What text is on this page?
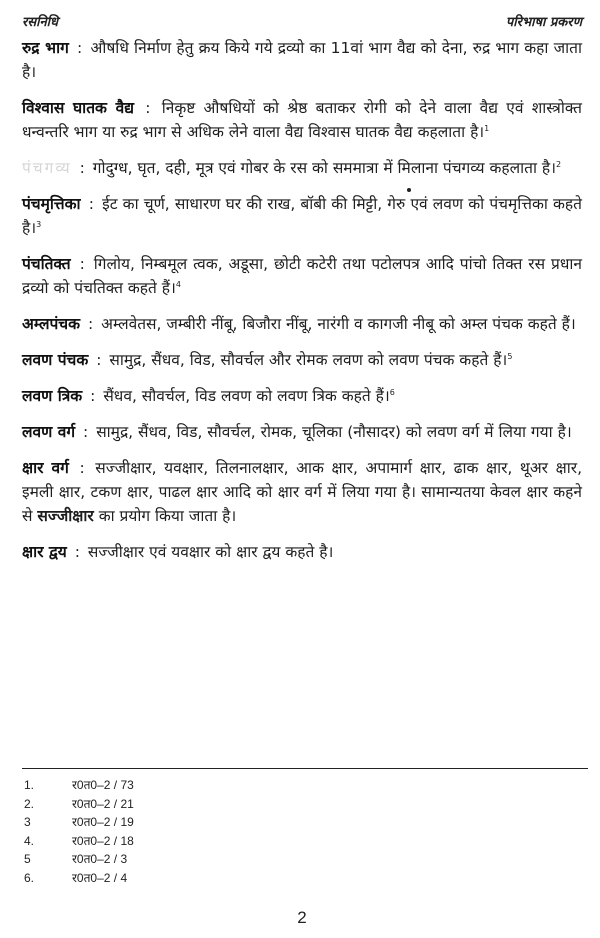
रसनिधि	परिभाषा प्रकरण

रुद्र भाग : औषधि निर्माण हेतु क्रय किये गये द्रव्यो का 11वां भाग वैद्य को देना, रुद्र भाग कहा जाता है।

विश्वास घातक वैद्य : निकृष्ट औषधियों को श्रेष्ठ बताकर रोगी को देने वाला वैद्य एवं शास्त्रोक्त धन्वन्तरि भाग या रुद्र भाग से अधिक लेने वाला वैद्य विश्वास घातक वैद्य कहलाता है।$^1$

पंचगव्य : गोदुग्ध, घृत, दही, मूत्र एवं गोबर के रस को सममात्रा में मिलाना पंचगव्य कहलाता है।$^2$

पंचमृत्तिका : ईट का चूर्ण, साधारण घर की राख, बॉबी की मिट्टी, गेरु एवं लवण को पंचमृत्तिका कहते है।$^3$

पंचतिक्त : गिलोय, निम्बमूल त्वक, अडूसा, छोटी कटेरी तथा पटोलपत्र आदि पांचो तिक्त रस प्रधान द्रव्यो को पंचतिक्त कहते हैं।$^4$

अम्लपंचक : अम्लवेतस, जम्बीरी नींबू, बिजौरा नींबू, नारंगी व कागजी नीबू को अम्ल पंचक कहते हैं।

लवण पंचक : सामुद्र, सैंधव, विड, सौवर्चल और रोमक लवण को लवण पंचक कहते हैं।$^5$

लवण त्रिक : सैंधव, सौवर्चल, विड लवण को लवण त्रिक कहते हैं।$^6$

लवण वर्ग : सामुद्र, सैंधव, विड, सौवर्चल, रोमक, चूलिका (नौसादर) को लवण वर्ग में लिया गया है।

क्षार वर्ग : सज्जीक्षार, यवक्षार, तिलनालक्षार, आक क्षार, अपामार्ग क्षार, ढाक क्षार, थूअर क्षार, इमली क्षार, टकण क्षार, पाढल क्षार आदि को क्षार वर्ग में लिया गया है। सामान्यतया केवल क्षार कहने से सज्जीक्षार का प्रयोग किया जाता है।

क्षार द्वय : सज्जीक्षार एवं यवक्षार को क्षार द्वय कहते है।

1.	र0त0–2 / 73
2.	र0त0–2 / 21
3	र0त0–2 / 19
4.	र0त0–2 / 18
5	र0त0–2 / 3
6.	र0त0–2 / 4
2
